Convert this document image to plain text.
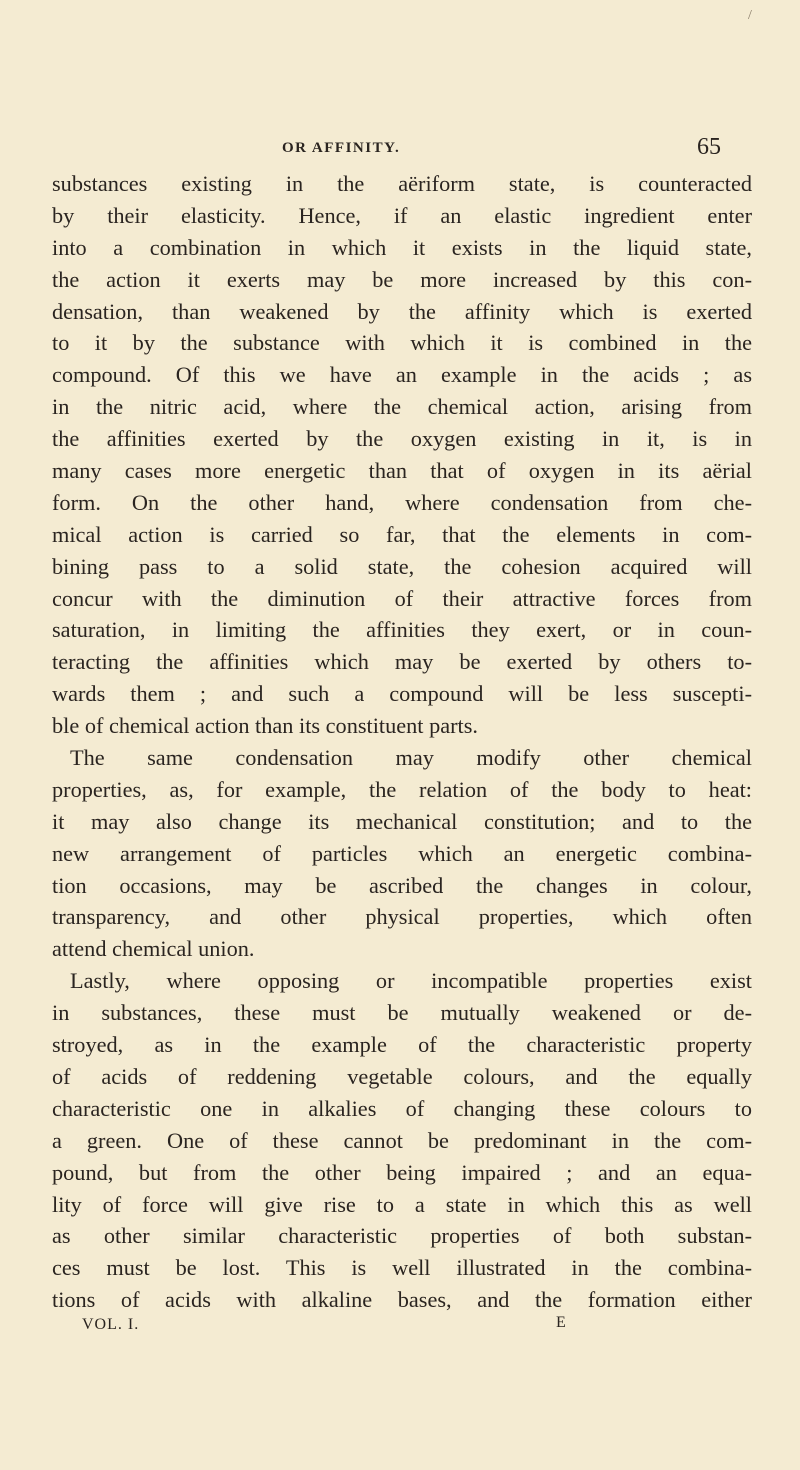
/
OR AFFINITY.	65
substances existing in the aëriform state, is counteracted
by their elasticity. Hence, if an elastic ingredient enter
into a combination in which it exists in the liquid state,
the action it exerts may be more increased by this con-
densation, than weakened by the affinity which is exerted
to it by the substance with which it is combined in the
compound. Of this we have an example in the acids ; as
in the nitric acid, where the chemical action, arising from
the affinities exerted by the oxygen existing in it, is in
many cases more energetic than that of oxygen in its aërial
form. On the other hand, where condensation from che-
mical action is carried so far, that the elements in com-
bining pass to a solid state, the cohesion acquired will
concur with the diminution of their attractive forces from
saturation, in limiting the affinities they exert, or in coun-
teracting the affinities which may be exerted by others to-
wards them ; and such a compound will be less suscepti-
ble of chemical action than its constituent parts.
The same condensation may modify other chemical
properties, as, for example, the relation of the body to heat:
it may also change its mechanical constitution; and to the
new arrangement of particles which an energetic combina-
tion occasions, may be ascribed the changes in colour,
transparency, and other physical properties, which often
attend chemical union.
Lastly, where opposing or incompatible properties exist
in substances, these must be mutually weakened or de-
stroyed, as in the example of the characteristic property
of acids of reddening vegetable colours, and the equally
characteristic one in alkalies of changing these colours to
a green. One of these cannot be predominant in the com-
pound, but from the other being impaired ; and an equa-
lity of force will give rise to a state in which this as well
as other similar characteristic properties of both substan-
ces must be lost. This is well illustrated in the combina-
tions of acids with alkaline bases, and the formation either
VOL. I.	E
